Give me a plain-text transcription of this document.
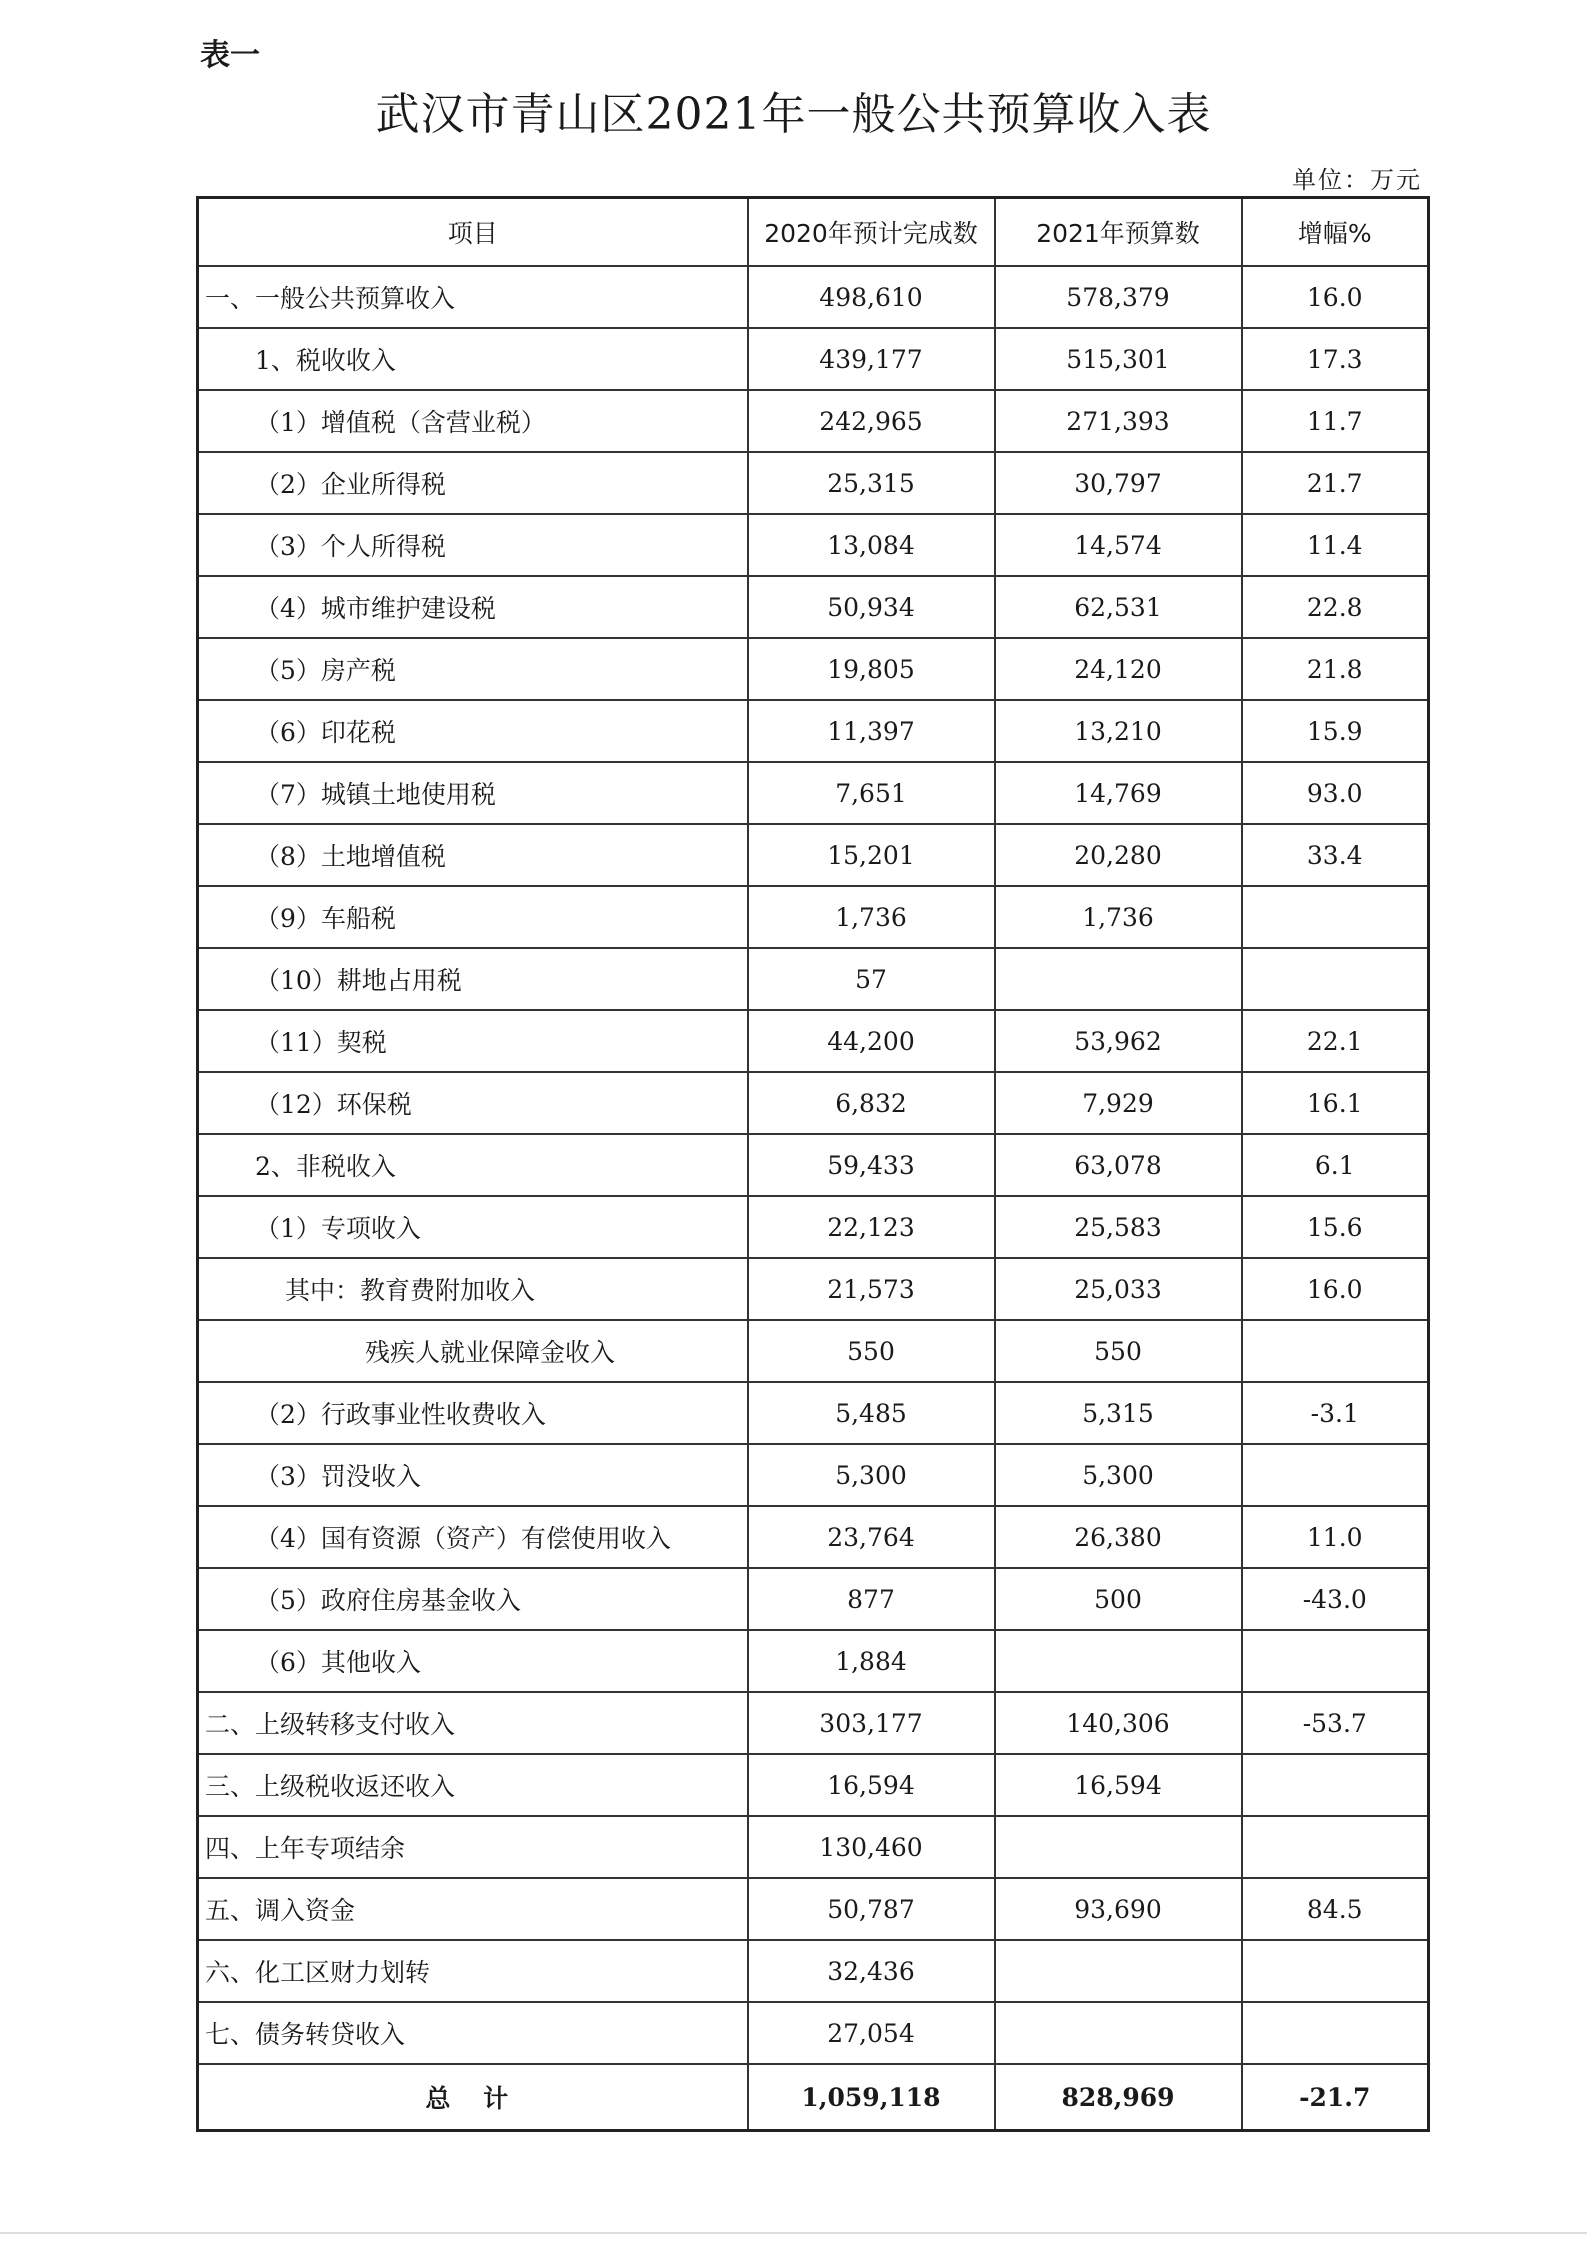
表一
武汉市青山区2021年一般公共预算收入表
单位：万元
项目	2020年预计完成数	2021年预算数	增幅%
一、一般公共预算收入	498,610	578,379	16.0
1、税收收入	439,177	515,301	17.3
（1）增值税（含营业税）	242,965	271,393	11.7
（2）企业所得税	25,315	30,797	21.7
（3）个人所得税	13,084	14,574	11.4
（4）城市维护建设税	50,934	62,531	22.8
（5）房产税	19,805	24,120	21.8
（6）印花税	11,397	13,210	15.9
（7）城镇土地使用税	7,651	14,769	93.0
（8）土地增值税	15,201	20,280	33.4
（9）车船税	1,736	1,736	
（10）耕地占用税	57		
（11）契税	44,200	53,962	22.1
（12）环保税	6,832	7,929	16.1
2、非税收入	59,433	63,078	6.1
（1）专项收入	22,123	25,583	15.6
其中：教育费附加收入	21,573	25,033	16.0
残疾人就业保障金收入	550	550	
（2）行政事业性收费收入	5,485	5,315	-3.1
（3）罚没收入	5,300	5,300	
（4）国有资源（资产）有偿使用收入	23,764	26,380	11.0
（5）政府住房基金收入	877	500	-43.0
（6）其他收入	1,884		
二、上级转移支付收入	303,177	140,306	-53.7
三、上级税收返还收入	16,594	16,594	
四、上年专项结余	130,460		
五、调入资金	50,787	93,690	84.5
六、化工区财力划转	32,436		
七、债务转贷收入	27,054		
总 计	1,059,118	828,969	-21.7
